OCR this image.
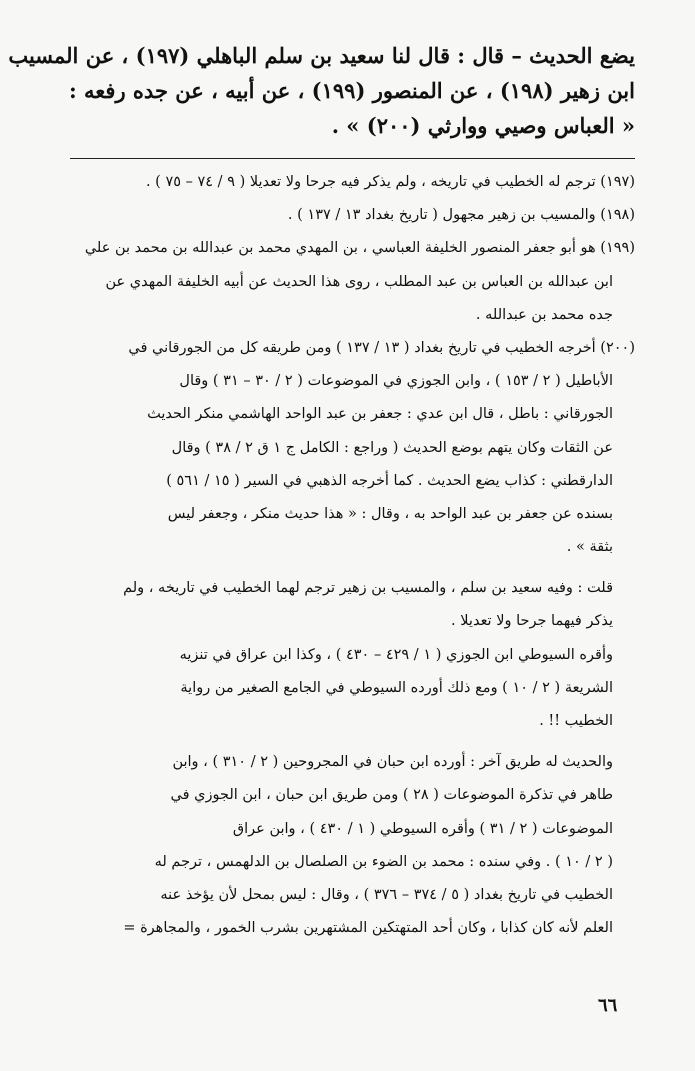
يضع الحديث – قال : قال لنا سعيد بن سلم الباهلي (١٩٧) ، عن المسيب
ابن زهير (١٩٨) ، عن المنصور (١٩٩) ، عن أبيه ، عن جده رفعه :
« العباس وصيي ووارثي (٢٠٠) » .
(١٩٧) ترجم له الخطيب في تاريخه ، ولم يذكر فيه جرحا ولا تعديلا ( ٩ / ٧٤ – ٧٥ ) .
(١٩٨) والمسيب بن زهير مجهول ( تاريخ بغداد ١٣ / ١٣٧ ) .
(١٩٩) هو أبو جعفر المنصور الخليفة العباسي ، بن المهدي محمد بن عبدالله بن محمد بن علي
ابن عبدالله بن العباس بن عبد المطلب ، روى هذا الحديث عن أبيه الخليفة المهدي عن
جده محمد بن عبدالله .
(٢٠٠) أخرجه الخطيب في تاريخ بغداد ( ١٣ / ١٣٧ ) ومن طريقه كل من الجورقاني في
الأباطيل ( ٢ / ١٥٣ ) ، وابن الجوزي في الموضوعات ( ٢ / ٣٠ – ٣١ ) وقال
الجورقاني : باطل ، قال ابن عدي : جعفر بن عبد الواحد الهاشمي منكر الحديث
عن الثقات وكان يتهم بوضع الحديث ( وراجع : الكامل ج ١ ق ٢ / ٣٨ ) وقال
الدارقطني : كذاب يضع الحديث . كما أخرجه الذهبي في السير ( ١٥ / ٥٦١ )
بسنده عن جعفر بن عبد الواحد به ، وقال : « هذا حديث منكر ، وجعفر ليس
بثقة » .
قلت : وفيه سعيد بن سلم ، والمسيب بن زهير ترجم لهما الخطيب في تاريخه ، ولم
يذكر فيهما جرحا ولا تعديلا .
وأقره السيوطي ابن الجوزي ( ١ / ٤٢٩ – ٤٣٠ ) ، وكذا ابن عراق في تنزيه
الشريعة ( ٢ / ١٠ ) ومع ذلك أورده السيوطي في الجامع الصغير من رواية
الخطيب !! .
والحديث له طريق آخر : أورده ابن حبان في المجروحين ( ٢ / ٣١٠ ) ، وابن
طاهر في تذكرة الموضوعات ( ٢٨ ) ومن طريق ابن حبان ، ابن الجوزي في
الموضوعات ( ٢ / ٣١ ) وأقره السيوطي ( ١ / ٤٣٠ ) ، وابن عراق
( ٢ / ١٠ ) . وفي سنده : محمد بن الضوء بن الصلصال بن الدلهمس ، ترجم له
الخطيب في تاريخ بغداد ( ٥ / ٣٧٤ – ٣٧٦ ) ، وقال : ليس بمحل لأن يؤخذ عنه
العلم لأنه كان كذابا ، وكان أحد المتهتكين المشتهرين بشرب الخمور ، والمجاهرة =
٦٦
